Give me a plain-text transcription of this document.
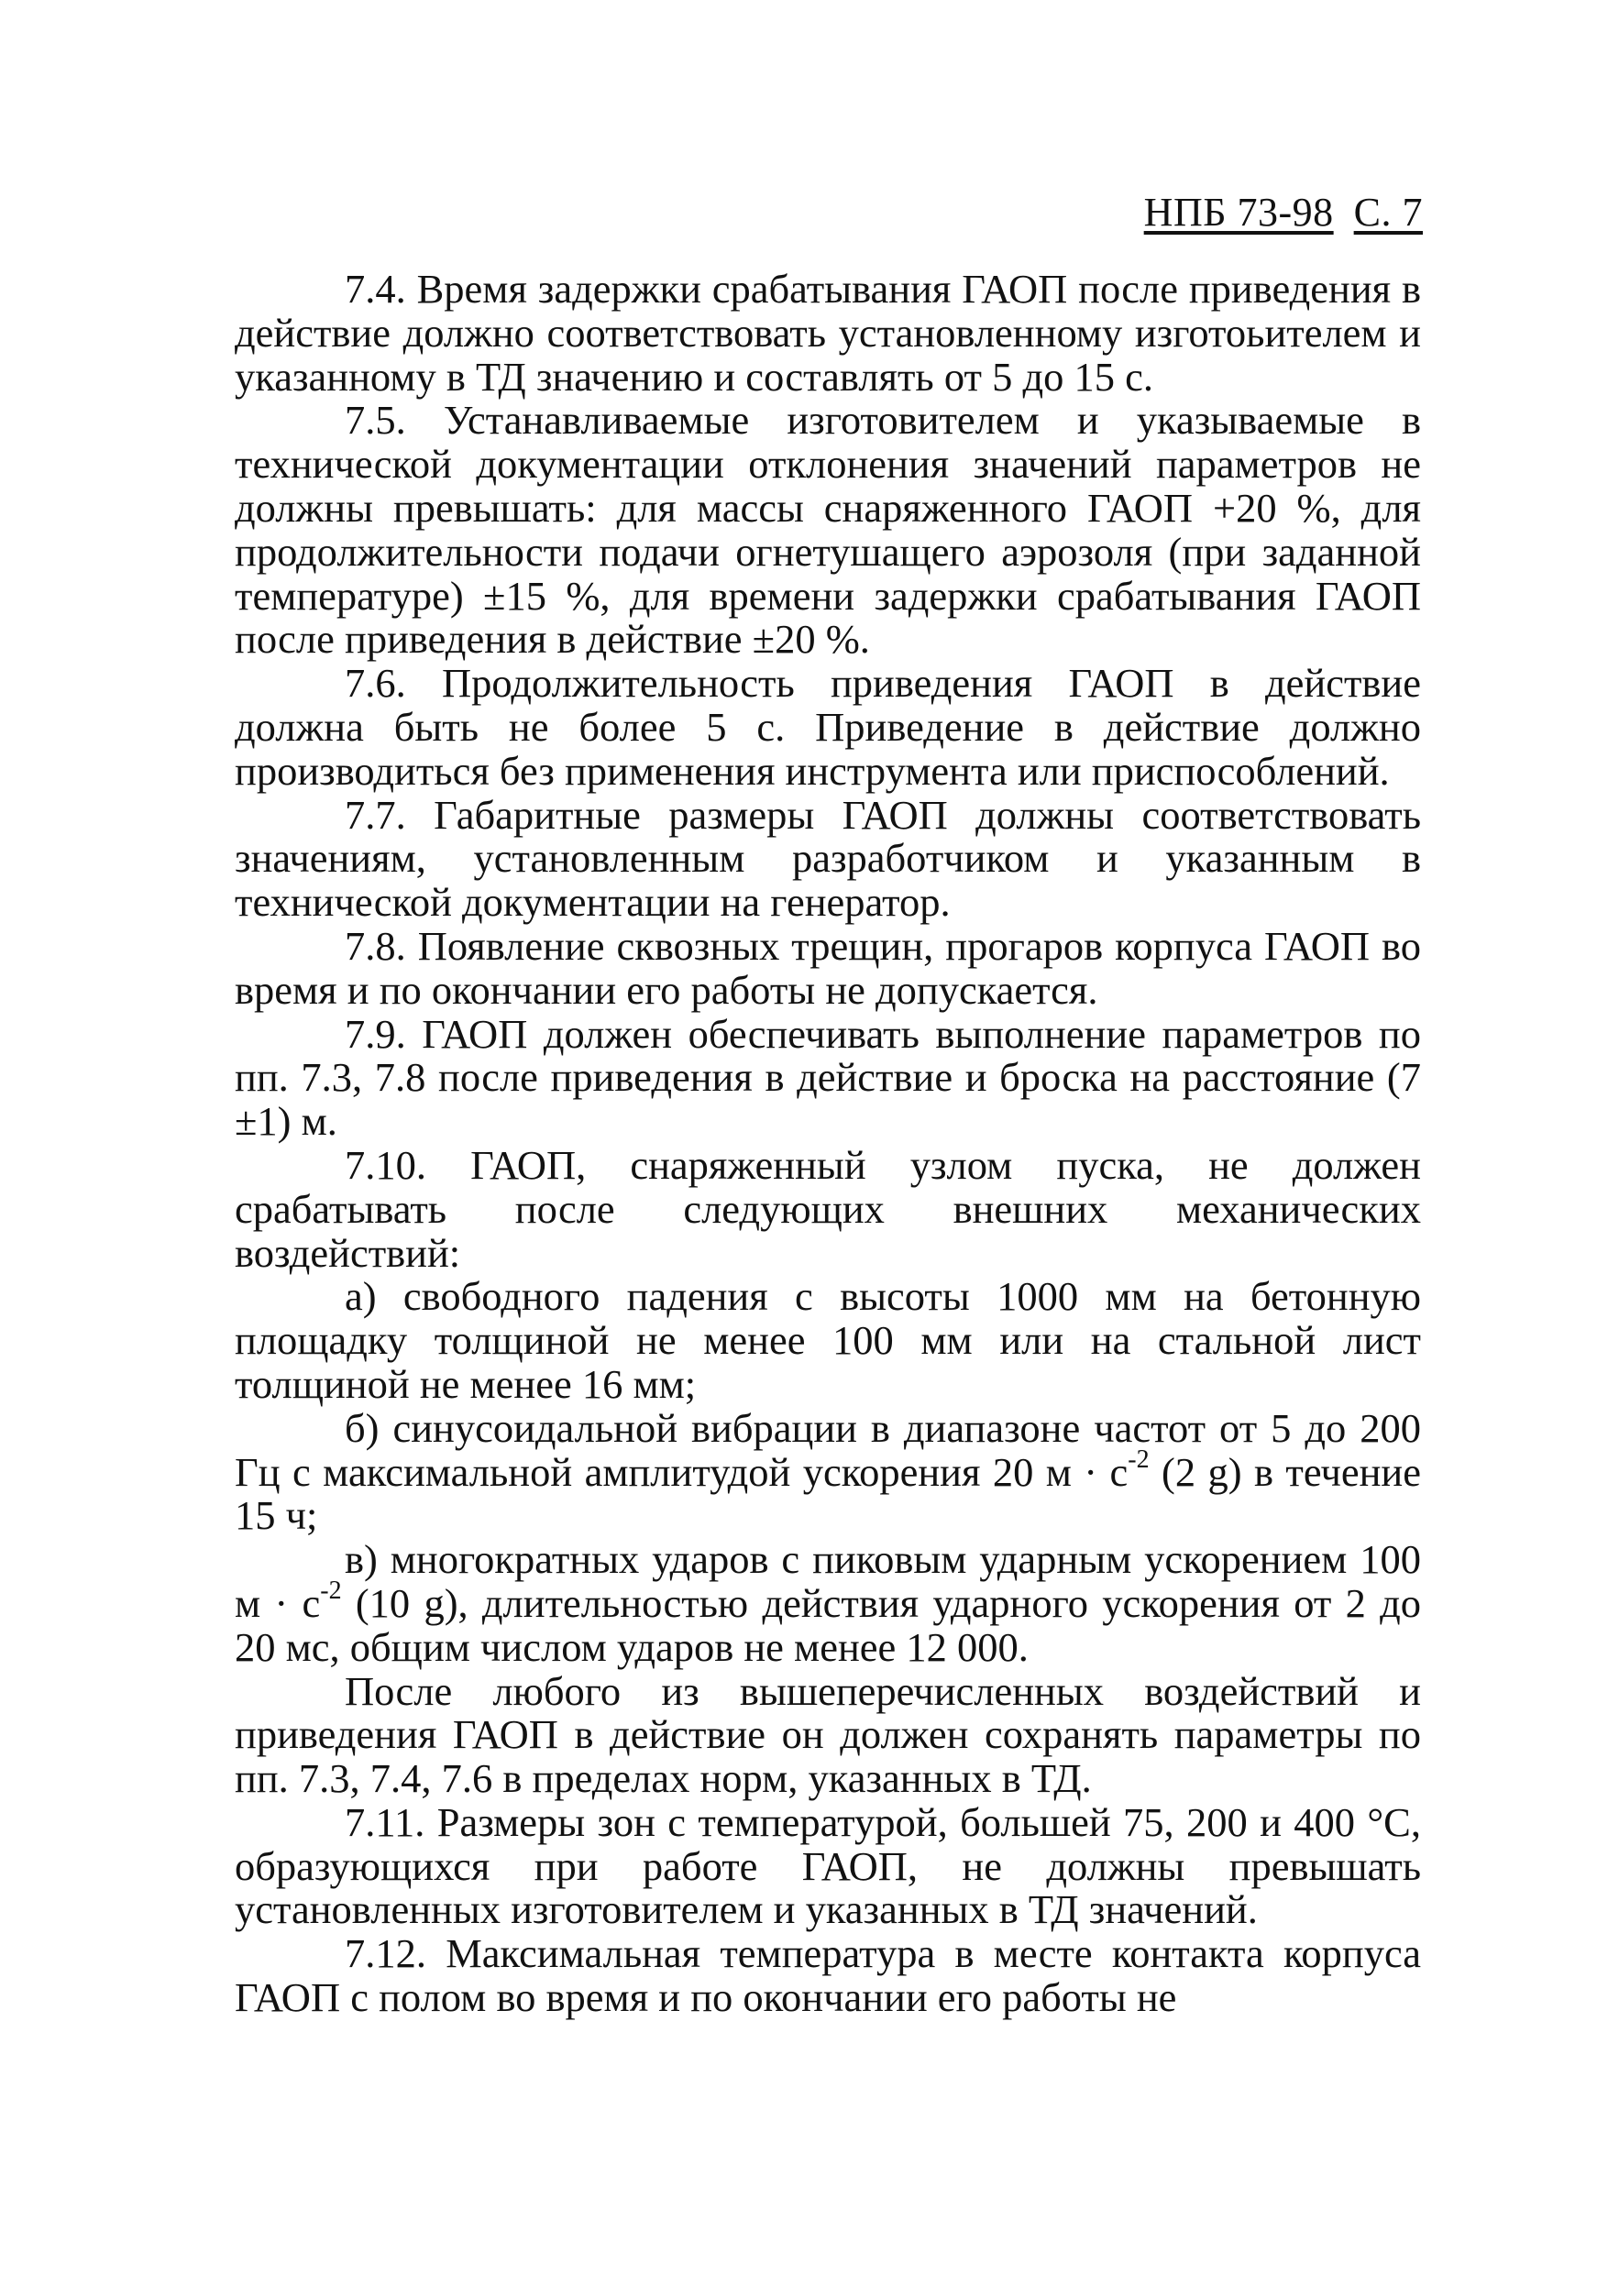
НПБ 73-98 С. 7

7.4. Время задержки срабатывания ГАОП после приведения в действие должно соответствовать установленному изготоьителем и указанному в ТД значению и составлять от 5 до 15 с.

7.5. Устанавливаемые изготовителем и указываемые в технической документации отклонения значений параметров не должны превышать: для массы снаряженного ГАОП +20 %, для продолжительности подачи огнетушащего аэрозоля (при заданной температуре) ±15 %, для времени задержки срабатывания ГАОП после приведения в действие ±20 %.

7.6. Продолжительность приведения ГАОП в действие должна быть не более 5 с. Приведение в действие должно производиться без применения инструмента или приспособлений.

7.7. Габаритные размеры ГАОП должны соответствовать значениям, установленным разработчиком и указанным в технической документации на генератор.

7.8. Появление сквозных трещин, прогаров корпуса ГАОП во время и по окончании его работы не допускается.

7.9. ГАОП должен обеспечивать выполнение параметров по пп. 7.3, 7.8 после приведения в действие и броска на расстояние (7 ±1) м.

7.10. ГАОП, снаряженный узлом пуска, не должен срабатывать после следующих внешних механических воздействий:

а) свободного падения с высоты 1000 мм на бетонную площадку толщиной не менее 100 мм или на стальной лист толщиной не менее 16 мм;

б) синусоидальной вибрации в диапазоне частот от 5 до 200 Гц с максимальной амплитудой ускорения 20 $м \cdot с^{-2}$ (2 g) в течение 15 ч;

в) многократных ударов с пиковым ударным ускорением 100 $м \cdot с^{-2}$ (10 g), длительностью действия ударного ускорения от 2 до 20 мс, общим числом ударов не менее 12 000.

После любого из вышеперечисленных воздействий и приведения ГАОП в действие он должен сохранять параметры по пп. 7.3, 7.4, 7.6 в пределах норм, указанных в ТД.

7.11. Размеры зон с температурой, большей 75, 200 и 400 °С, образующихся при работе ГАОП, не должны превышать установленных изготовителем и указанных в ТД значений.

7.12. Максимальная температура в месте контакта корпуса ГАОП с полом во время и по окончании его работы не
